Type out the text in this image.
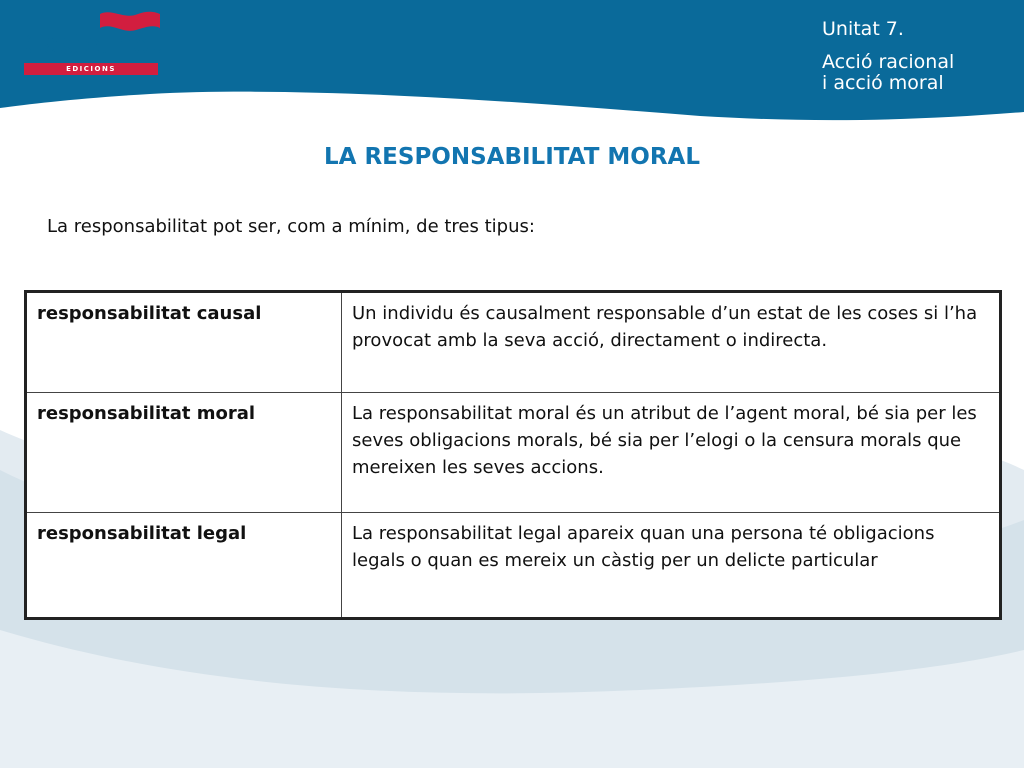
Castellnou
EDICIONS
Unitat 7.
Acció racional
i acció moral
LA RESPONSABILITAT MORAL

La responsabilitat pot ser, com a mínim, de tres tipus:

responsabilitat causal	Un individu és causalment responsable d’un estat de les coses si l’ha provocat amb la seva acció, directament o indirecta.
responsabilitat moral	La responsabilitat moral és un atribut de l’agent moral, bé sia per les seves obligacions morals, bé sia per l’elogi o la censura morals que mereixen les seves accions.
responsabilitat legal	La responsabilitat legal apareix quan una persona té obligacions legals o quan es mereix un càstig per un delicte particular
